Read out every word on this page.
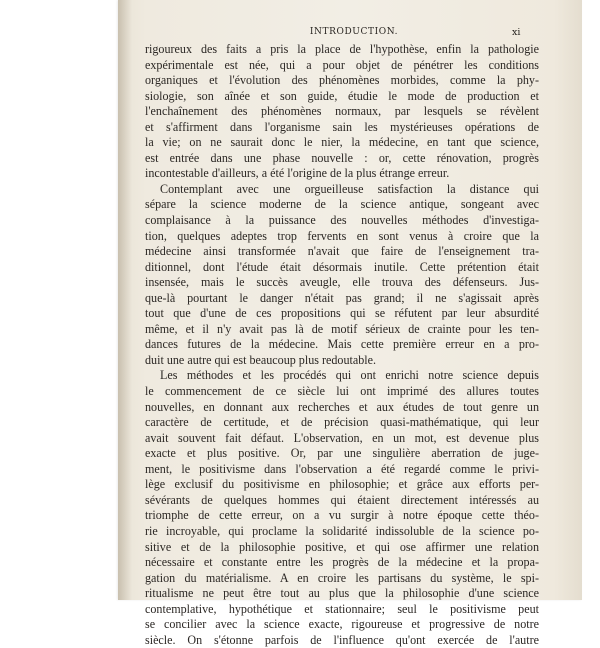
INTRODUCTION.	xi
rigoureux des faits a pris la place de l'hypothèse, enfin la pathologie
expérimentale est née, qui a pour objet de pénétrer les conditions
organiques et l'évolution des phénomènes morbides, comme la phy-
siologie, son aînée et son guide, étudie le mode de production et
l'enchaînement des phénomènes normaux, par lesquels se révèlent
et s'affirment dans l'organisme sain les mystérieuses opérations de
la vie; on ne saurait donc le nier, la médecine, en tant que science,
est entrée dans une phase nouvelle : or, cette rénovation, progrès
incontestable d'ailleurs, a été l'origine de la plus étrange erreur.
Contemplant avec une orgueilleuse satisfaction la distance qui
sépare la science moderne de la science antique, songeant avec
complaisance à la puissance des nouvelles méthodes d'investiga-
tion, quelques adeptes trop fervents en sont venus à croire que la
médecine ainsi transformée n'avait que faire de l'enseignement tra-
ditionnel, dont l'étude était désormais inutile. Cette prétention était
insensée, mais le succès aveugle, elle trouva des défenseurs. Jus-
que-là pourtant le danger n'était pas grand; il ne s'agissait après
tout que d'une de ces propositions qui se réfutent par leur absurdité
même, et il n'y avait pas là de motif sérieux de crainte pour les ten-
dances futures de la médecine. Mais cette première erreur en a pro-
duit une autre qui est beaucoup plus redoutable.
Les méthodes et les procédés qui ont enrichi notre science depuis
le commencement de ce siècle lui ont imprimé des allures toutes
nouvelles, en donnant aux recherches et aux études de tout genre un
caractère de certitude, et de précision quasi-mathématique, qui leur
avait souvent fait défaut. L'observation, en un mot, est devenue plus
exacte et plus positive. Or, par une singulière aberration de juge-
ment, le positivisme dans l'observation a été regardé comme le privi-
lège exclusif du positivisme en philosophie; et grâce aux efforts per-
sévérants de quelques hommes qui étaient directement intéressés au
triomphe de cette erreur, on a vu surgir à notre époque cette théo-
rie incroyable, qui proclame la solidarité indissoluble de la science po-
sitive et de la philosophie positive, et qui ose affirmer une relation
nécessaire et constante entre les progrès de la médecine et la propa-
gation du matérialisme. A en croire les partisans du système, le spi-
ritualisme ne peut être tout au plus que la philosophie d'une science
contemplative, hypothétique et stationnaire; seul le positivisme peut
se concilier avec la science exacte, rigoureuse et progressive de notre
siècle. On s'étonne parfois de l'influence qu'ont exercée de l'autre
